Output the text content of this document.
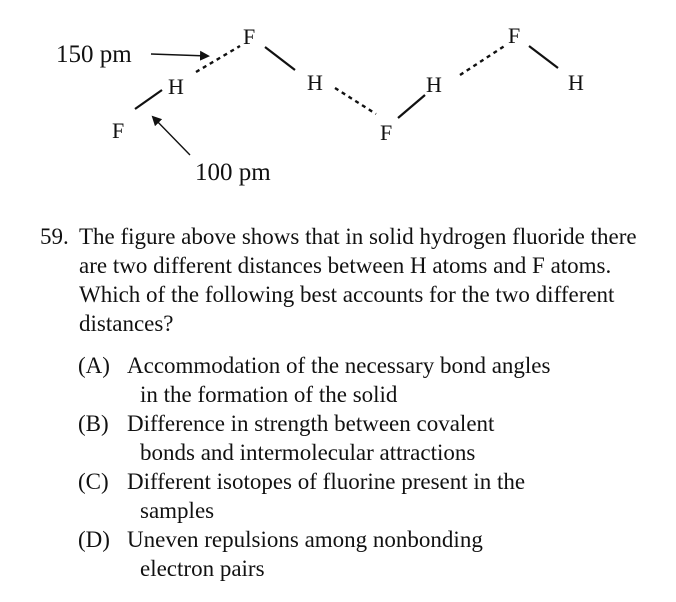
F
H
F
H
F
H
F
H
150 pm
100 pm
59. The figure above shows that in solid hydrogen fluoride there are two different distances between H atoms and F atoms. Which of the following best accounts for the two different distances?
(A) Accommodation of the necessary bond angles
in the formation of the solid
(B) Difference in strength between covalent
bonds and intermolecular attractions
(C) Different isotopes of fluorine present in the
samples
(D) Uneven repulsions among nonbonding
electron pairs
